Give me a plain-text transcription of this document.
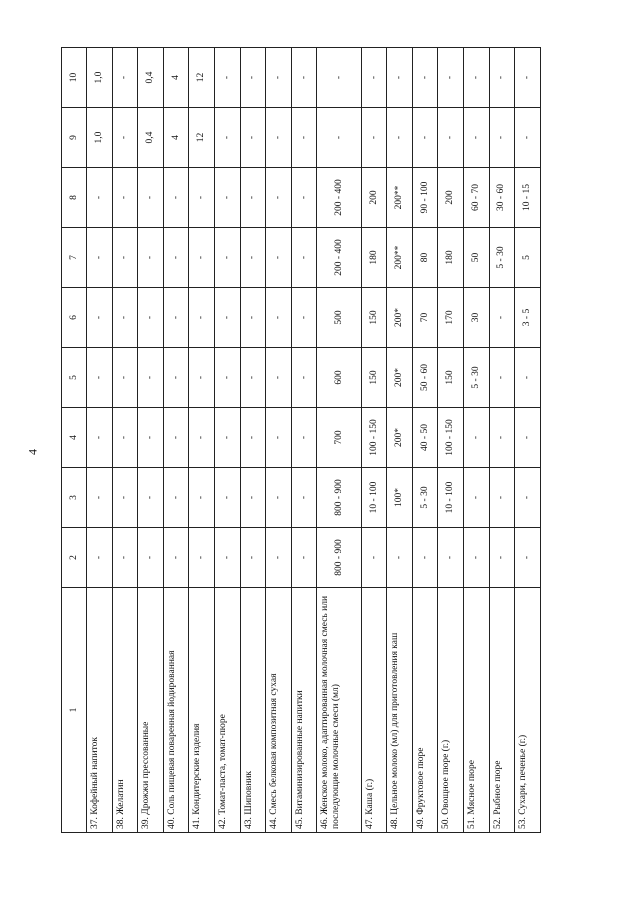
4
1	2	3	4	5	6	7	8	9	10
37. Кофейный напиток	-	-	-	-	-	-	-	1,0	1,0
38. Желатин	-	-	-	-	-	-	-	-	-
39. Дрожжи прессованные	-	-	-	-	-	-	-	0,4	0,4
40. Соль пищевая поваренная йодированная	-	-	-	-	-	-	-	4	4
41. Кондитерские изделия	-	-	-	-	-	-	-	12	12
42. Томат-паста, томат-пюре	-	-	-	-	-	-	-	-	-
43. Шиповник	-	-	-	-	-	-	-	-	-
44. Смесь белковая композитная сухая	-	-	-	-	-	-	-	-	-
45. Витаминизированные напитки	-	-	-	-	-	-	-	-	-
46. Женское молоко, адаптированная молочная смесь или последующие молочные смеси (мл)	800 - 900	800 - 900	700	600	500	200 - 400	200 - 400	-	-
47. Каша (г.)	-	10 - 100	100 - 150	150	150	180	200	-	-
48. Цельное молоко (мл) для приготовления каш	-	100*	200*	200*	200*	200**	200**	-	-
49. Фруктовое пюре	-	5 - 30	40 - 50	50 - 60	70	80	90 - 100	-	-
50. Овощное пюре (г.)	-	10 - 100	100 - 150	150	170	180	200	-	-
51. Мясное пюре	-	-	-	5 - 30	30	50	60 - 70	-	-
52. Рыбное пюре	-	-	-	-	-	5 - 30	30 - 60	-	-
53. Сухари, печенье (г.)	-	-	-	-	3 - 5	5	10 - 15	-	-
